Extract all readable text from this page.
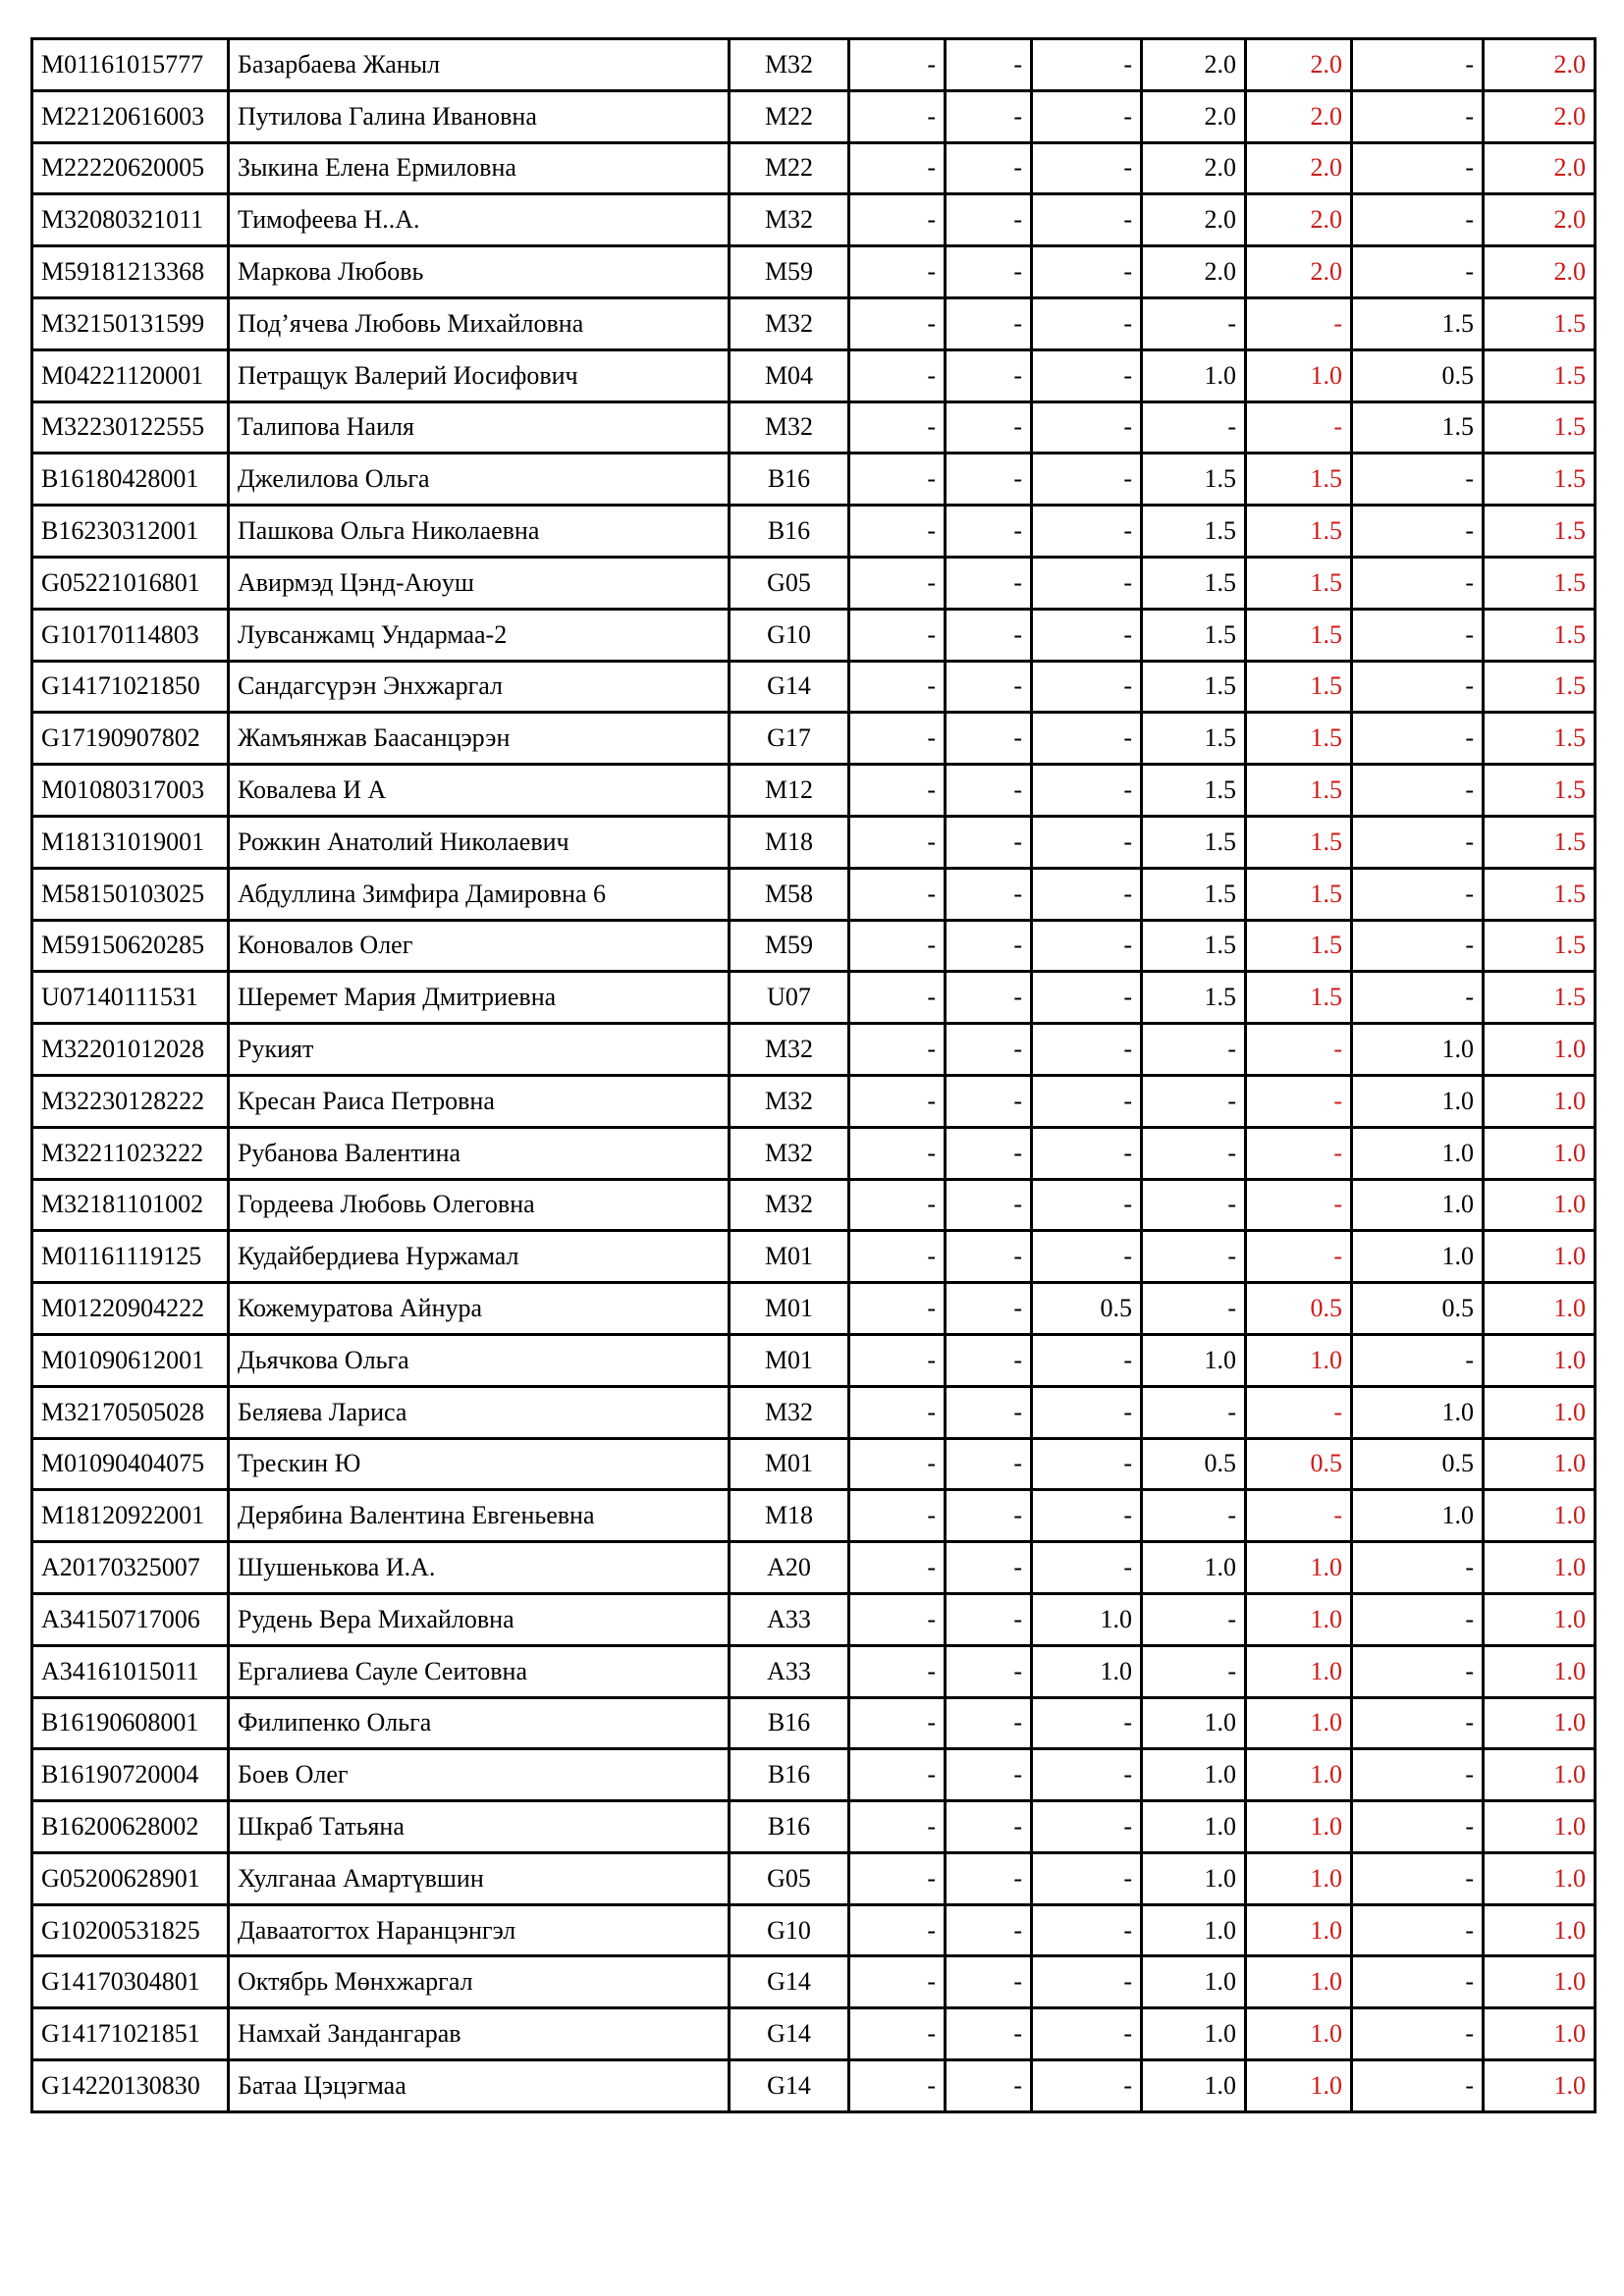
M01161015777	Базарбаева Жаныл	M32	-	-	-	2.0	2.0	-	2.0
M22120616003	Путилова Галина Ивановна	M22	-	-	-	2.0	2.0	-	2.0
M22220620005	Зыкина Елена Ермиловна	M22	-	-	-	2.0	2.0	-	2.0
M32080321011	Тимофеева Н..А.	M32	-	-	-	2.0	2.0	-	2.0
M59181213368	Маркова Любовь	M59	-	-	-	2.0	2.0	-	2.0
M32150131599	Под’ячева Любовь Михайловна	M32	-	-	-	-	-	1.5	1.5
M04221120001	Петращук Валерий Иосифович	M04	-	-	-	1.0	1.0	0.5	1.5
M32230122555	Талипова Наиля	M32	-	-	-	-	-	1.5	1.5
B16180428001	Джелилова Ольга	B16	-	-	-	1.5	1.5	-	1.5
B16230312001	Пашкова Ольга Николаевна	B16	-	-	-	1.5	1.5	-	1.5
G05221016801	Авирмэд Цэнд-Аюуш	G05	-	-	-	1.5	1.5	-	1.5
G10170114803	Лувсанжамц Ундармаа-2	G10	-	-	-	1.5	1.5	-	1.5
G14171021850	Сандагсүрэн Энхжаргал	G14	-	-	-	1.5	1.5	-	1.5
G17190907802	Жамъянжав Баасанцэрэн	G17	-	-	-	1.5	1.5	-	1.5
M01080317003	Ковалева И А	M12	-	-	-	1.5	1.5	-	1.5
M18131019001	Рожкин Анатолий Николаевич	M18	-	-	-	1.5	1.5	-	1.5
M58150103025	Абдуллина Зимфира Дамировна 6	M58	-	-	-	1.5	1.5	-	1.5
M59150620285	Коновалов Олег	M59	-	-	-	1.5	1.5	-	1.5
U07140111531	Шеремет Мария Дмитриевна	U07	-	-	-	1.5	1.5	-	1.5
M32201012028	Рукият	M32	-	-	-	-	-	1.0	1.0
M32230128222	Кресан Раиса Петровна	M32	-	-	-	-	-	1.0	1.0
M32211023222	Рубанова Валентина	M32	-	-	-	-	-	1.0	1.0
M32181101002	Гордеева Любовь Олеговна	M32	-	-	-	-	-	1.0	1.0
M01161119125	Кудайбердиева Нуржамал	M01	-	-	-	-	-	1.0	1.0
M01220904222	Кожемуратова Айнура	M01	-	-	0.5	-	0.5	0.5	1.0
M01090612001	Дьячкова Ольга	M01	-	-	-	1.0	1.0	-	1.0
M32170505028	Беляева Лариса	M32	-	-	-	-	-	1.0	1.0
M01090404075	Трескин Ю	M01	-	-	-	0.5	0.5	0.5	1.0
M18120922001	Дерябина Валентина Евгеньевна	M18	-	-	-	-	-	1.0	1.0
A20170325007	Шушенькова И.А.	A20	-	-	-	1.0	1.0	-	1.0
A34150717006	Рудень Вера Михайловна	A33	-	-	1.0	-	1.0	-	1.0
A34161015011	Ергалиева Сауле Сеитовна	A33	-	-	1.0	-	1.0	-	1.0
B16190608001	Филипенко Ольга	B16	-	-	-	1.0	1.0	-	1.0
B16190720004	Боев Олег	B16	-	-	-	1.0	1.0	-	1.0
B16200628002	Шкраб Татьяна	B16	-	-	-	1.0	1.0	-	1.0
G05200628901	Хулганаа Амартүвшин	G05	-	-	-	1.0	1.0	-	1.0
G10200531825	Даваатогтох Наранцэнгэл	G10	-	-	-	1.0	1.0	-	1.0
G14170304801	Октябрь Мөнхжаргал	G14	-	-	-	1.0	1.0	-	1.0
G14171021851	Намхай Зандангарав	G14	-	-	-	1.0	1.0	-	1.0
G14220130830	Батаа Цэцэгмаа	G14	-	-	-	1.0	1.0	-	1.0
